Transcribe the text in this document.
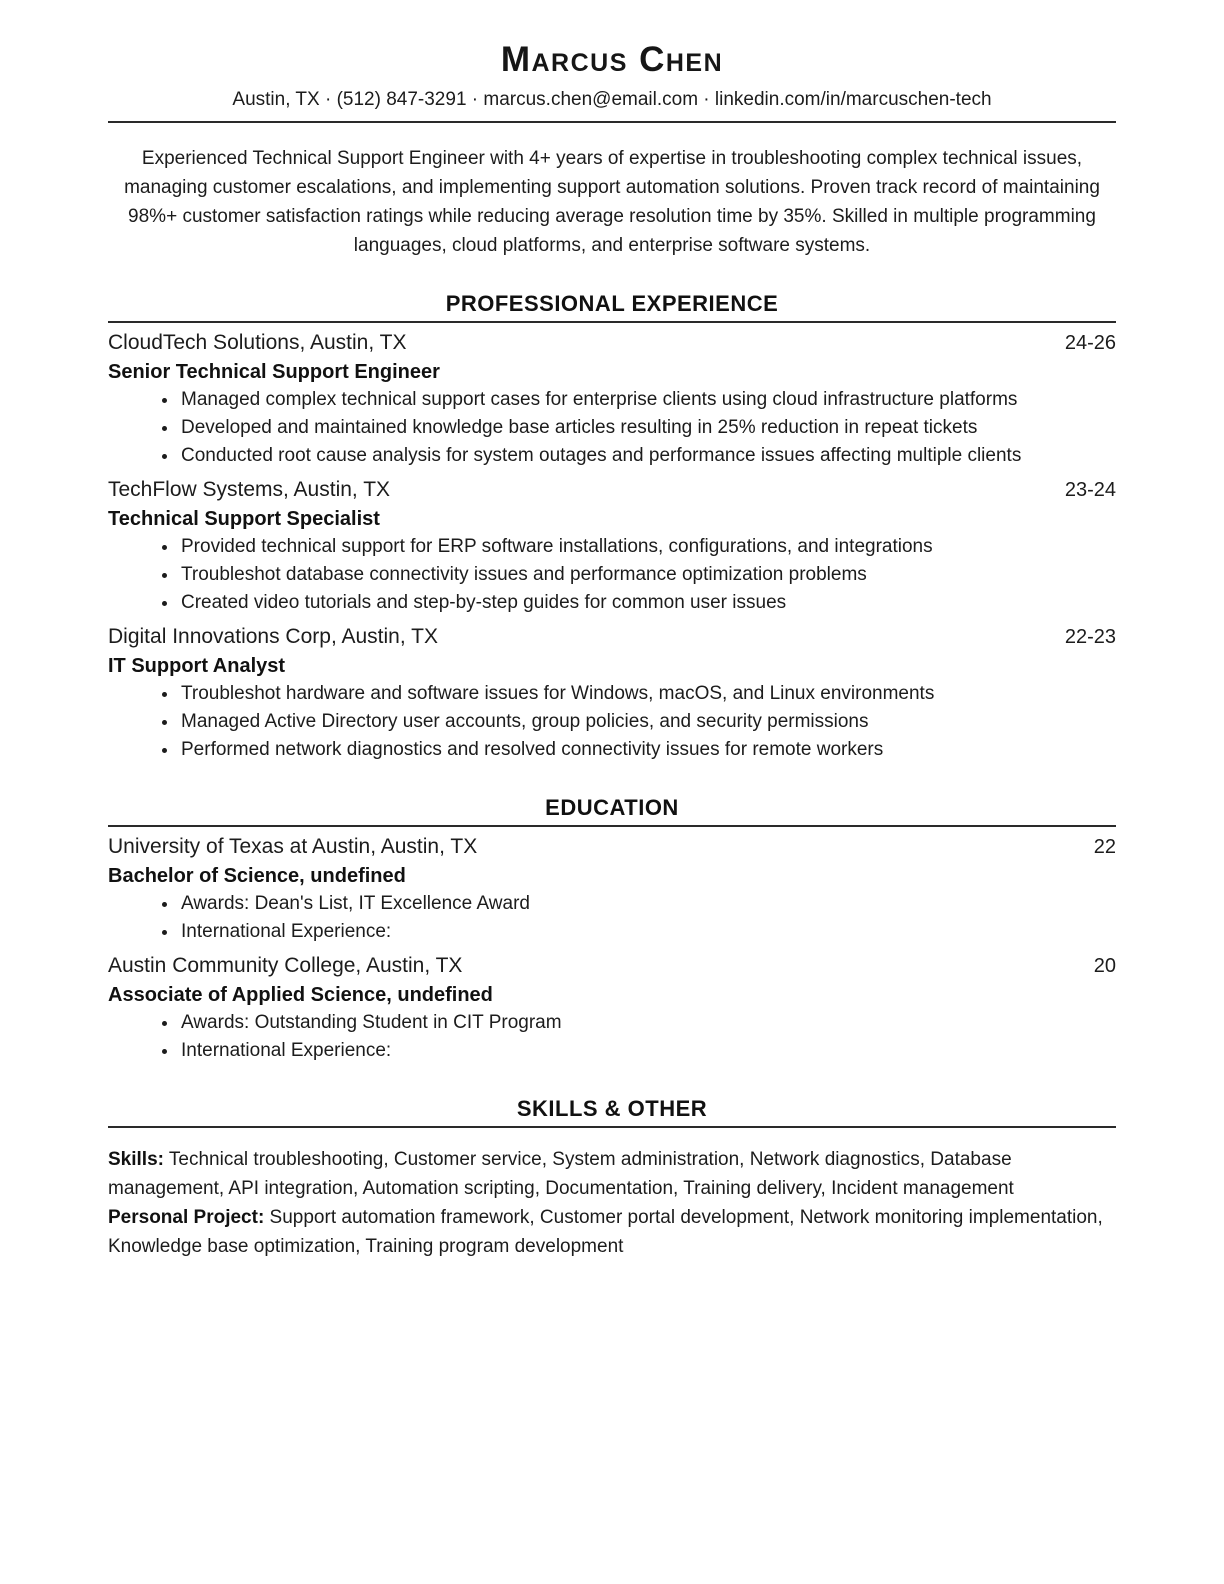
Marcus Chen
Austin, TX · (512) 847-3291 · marcus.chen@email.com · linkedin.com/in/marcuschen-tech

Experienced Technical Support Engineer with 4+ years of expertise in troubleshooting complex technical issues, managing customer escalations, and implementing support automation solutions. Proven track record of maintaining 98%+ customer satisfaction ratings while reducing average resolution time by 35%. Skilled in multiple programming languages, cloud platforms, and enterprise software systems.

PROFESSIONAL EXPERIENCE
CloudTech Solutions, Austin, TX	24-26
Senior Technical Support Engineer
• Managed complex technical support cases for enterprise clients using cloud infrastructure platforms
• Developed and maintained knowledge base articles resulting in 25% reduction in repeat tickets
• Conducted root cause analysis for system outages and performance issues affecting multiple clients
TechFlow Systems, Austin, TX	23-24
Technical Support Specialist
• Provided technical support for ERP software installations, configurations, and integrations
• Troubleshot database connectivity issues and performance optimization problems
• Created video tutorials and step-by-step guides for common user issues
Digital Innovations Corp, Austin, TX	22-23
IT Support Analyst
• Troubleshot hardware and software issues for Windows, macOS, and Linux environments
• Managed Active Directory user accounts, group policies, and security permissions
• Performed network diagnostics and resolved connectivity issues for remote workers
EDUCATION
University of Texas at Austin, Austin, TX	22
Bachelor of Science, undefined
• Awards: Dean's List, IT Excellence Award
• International Experience:
Austin Community College, Austin, TX	20
Associate of Applied Science, undefined
• Awards: Outstanding Student in CIT Program
• International Experience:
SKILLS & OTHER

Skills: Technical troubleshooting, Customer service, System administration, Network diagnostics, Database management, API integration, Automation scripting, Documentation, Training delivery, Incident management

Personal Project: Support automation framework, Customer portal development, Network monitoring implementation, Knowledge base optimization, Training program development
